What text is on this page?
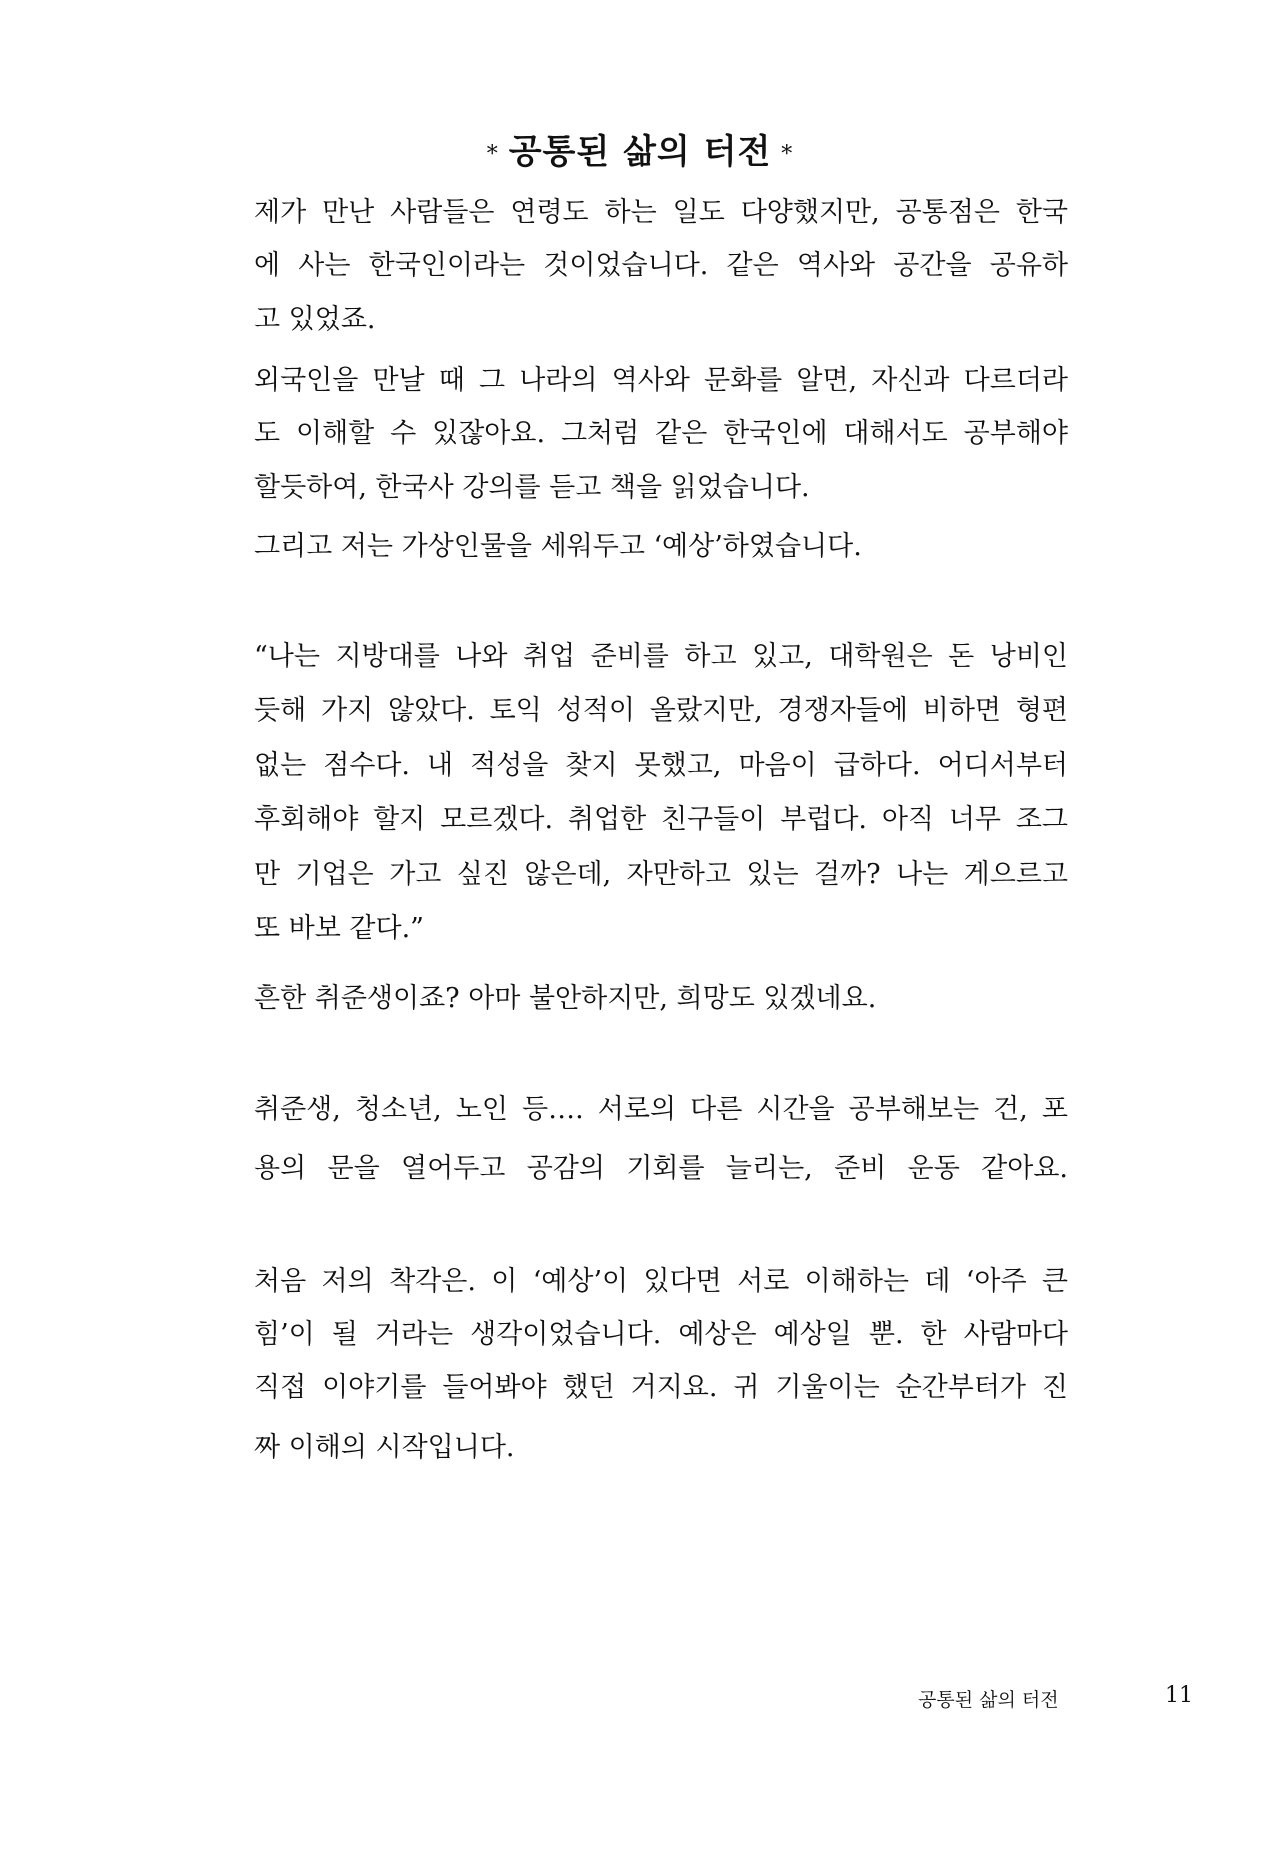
* 공통된 삶의 터전 *
제가 만난 사람들은 연령도 하는 일도 다양했지만, 공통점은 한국
에 사는 한국인이라는 것이었습니다. 같은 역사와 공간을 공유하
고 있었죠.
외국인을 만날 때 그 나라의 역사와 문화를 알면, 자신과 다르더라
도 이해할 수 있잖아요. 그처럼 같은 한국인에 대해서도 공부해야
할듯하여, 한국사 강의를 듣고 책을 읽었습니다.
그리고 저는 가상인물을 세워두고 ‘예상’하였습니다.
“나는 지방대를 나와 취업 준비를 하고 있고, 대학원은 돈 낭비인
듯해 가지 않았다. 토익 성적이 올랐지만, 경쟁자들에 비하면 형편
없는 점수다. 내 적성을 찾지 못했고, 마음이 급하다. 어디서부터
후회해야 할지 모르겠다. 취업한 친구들이 부럽다. 아직 너무 조그
만 기업은 가고 싶진 않은데, 자만하고 있는 걸까? 나는 게으르고
또 바보 같다.”
흔한 취준생이죠? 아마 불안하지만, 희망도 있겠네요.
취준생, 청소년, 노인 등…. 서로의 다른 시간을 공부해보는 건, 포
용의 문을 열어두고 공감의 기회를 늘리는, 준비 운동 같아요.
처음 저의 착각은. 이 ‘예상’이 있다면 서로 이해하는 데 ‘아주 큰
힘’이 될 거라는 생각이었습니다. 예상은 예상일 뿐. 한 사람마다
직접 이야기를 들어봐야 했던 거지요. 귀 기울이는 순간부터가 진
짜 이해의 시작입니다.
공통된 삶의 터전	11
